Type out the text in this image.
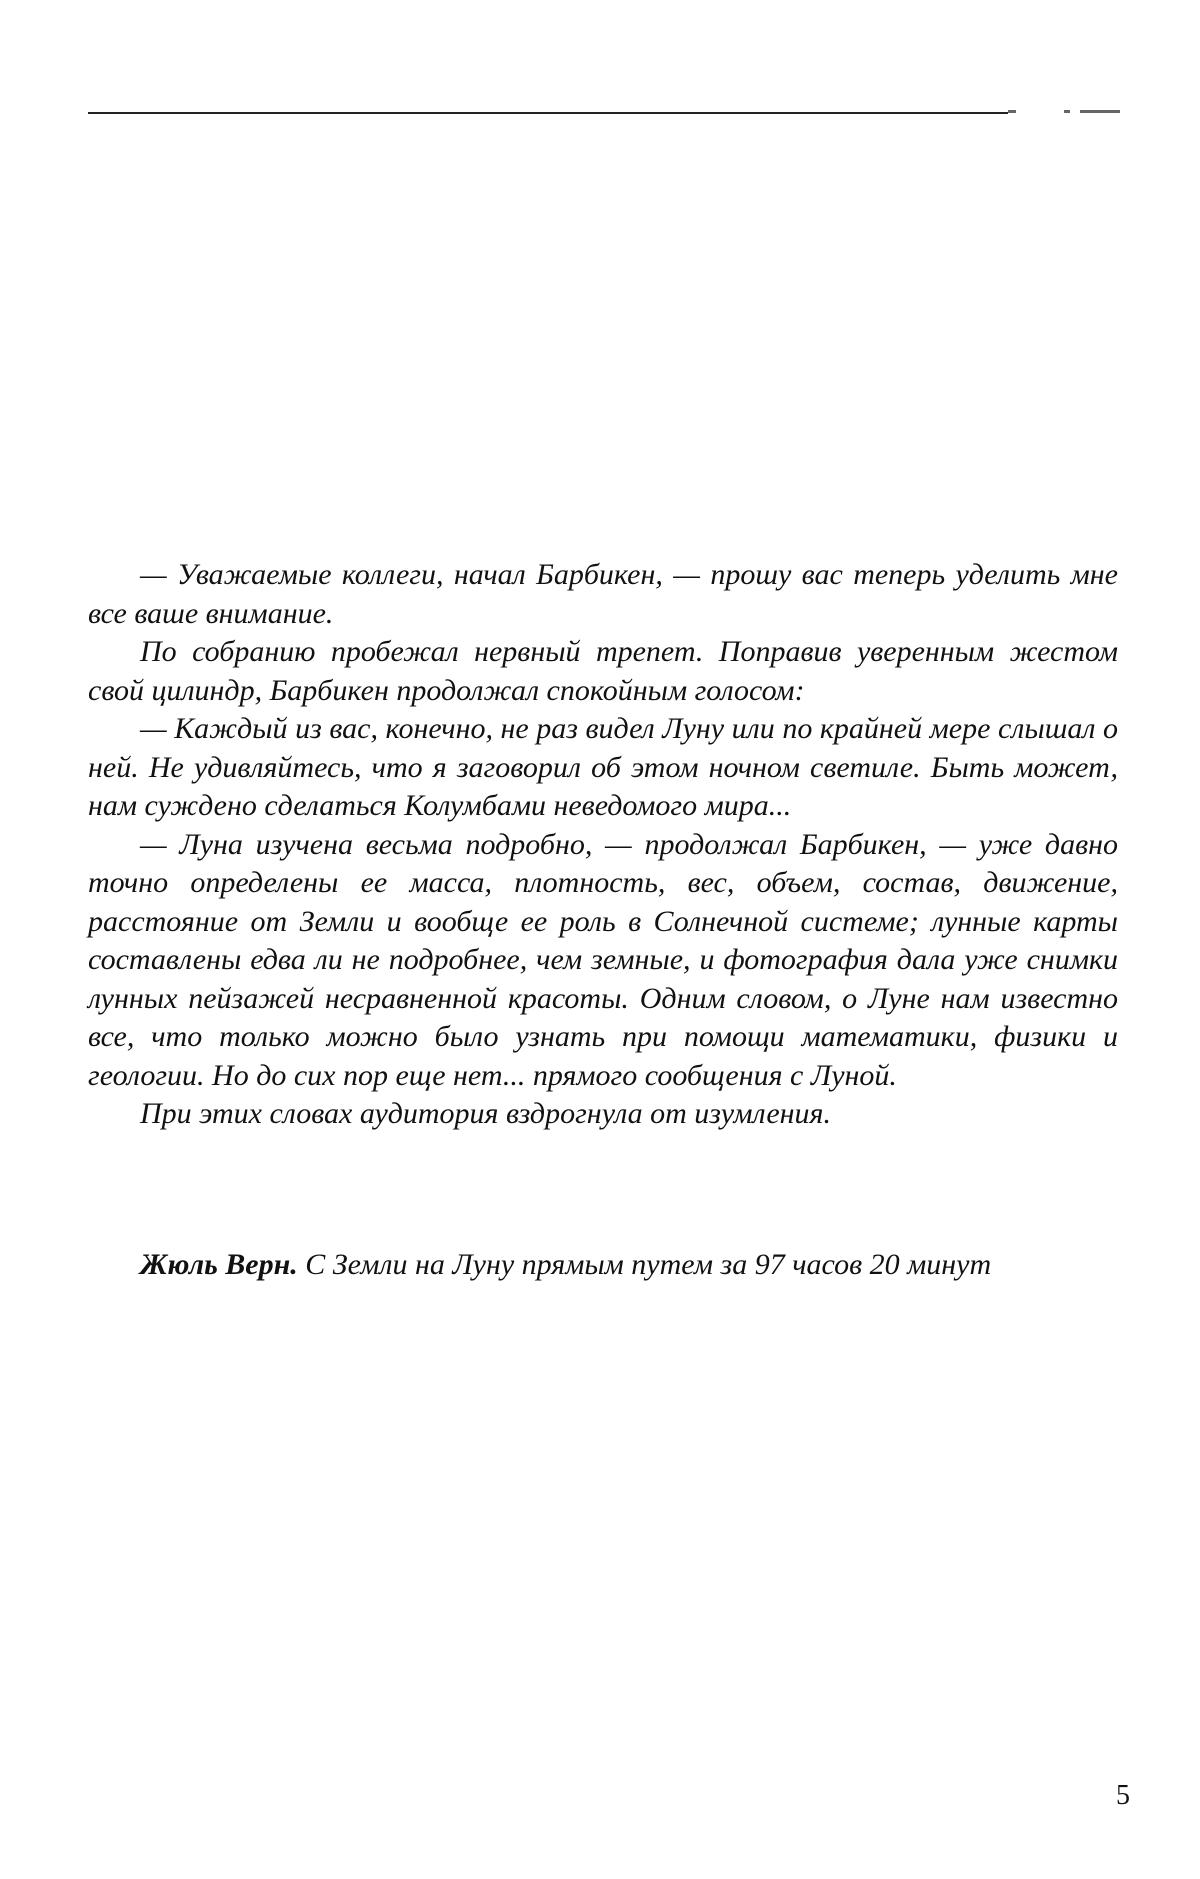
— Уважаемые коллеги, начал Барбикен, — прошу вас теперь уделить мне все ваше внимание.

По собранию пробежал нервный трепет. Поправив уверенным жестом свой цилиндр, Барбикен продолжал спокойным голосом:

— Каждый из вас, конечно, не раз видел Луну или по крайней мере слышал о ней. Не удивляйтесь, что я заговорил об этом ночном светиле. Быть может, нам суждено сделаться Колумбами неведомого мира...

— Луна изучена весьма подробно, — продолжал Барбикен, — уже давно точно определены ее масса, плотность, вес, объем, состав, движение, расстояние от Земли и вообще ее роль в Солнечной системе; лунные карты составлены едва ли не подробнее, чем земные, и фотография дала уже снимки лунных пейзажей несравненной красоты. Одним словом, о Луне нам известно все, что только можно было узнать при помощи математики, физики и геологии. Но до сих пор еще нет... прямого сообщения с Луной.

При этих словах аудитория вздрогнула от изумления.

Жюль Верн. С Земли на Луну прямым путем за 97 часов 20 минут
5
